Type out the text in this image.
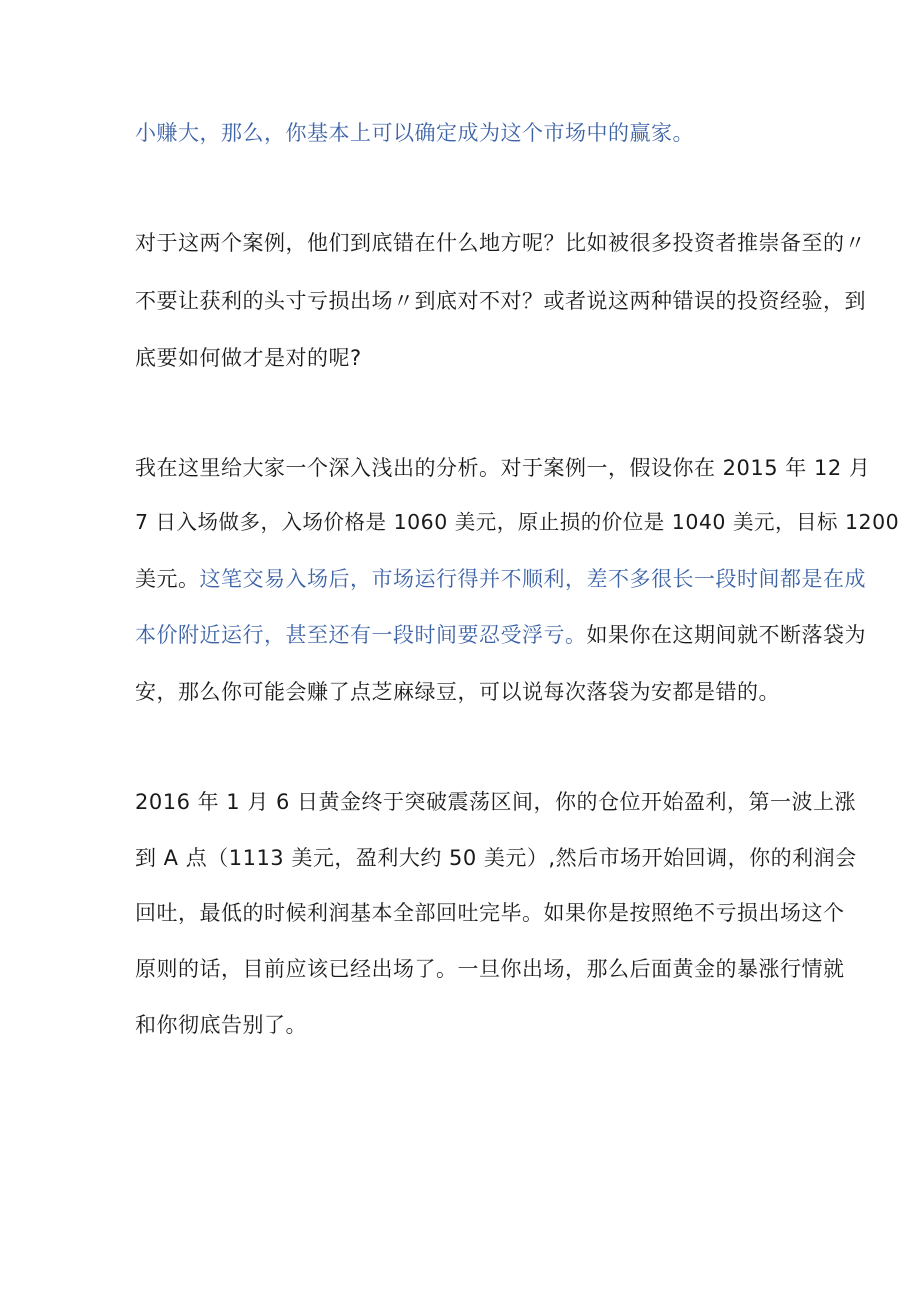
小赚大，那么，你基本上可以确定成为这个市场中的赢家。
对于这两个案例，他们到底错在什么地方呢？比如被很多投资者推崇备至的〃
不要让获利的头寸亏损出场〃到底对不对？或者说这两种错误的投资经验，到
底要如何做才是对的呢?
我在这里给大家一个深入浅出的分析。对于案例一，假设你在 2015 年 12 月
7 日入场做多，入场价格是 1060 美元，原止损的价位是 1040 美元，目标 1200
美元。这笔交易入场后，市场运行得并不顺利，差不多很长一段时间都是在成
本价附近运行，甚至还有一段时间要忍受浮亏。如果你在这期间就不断落袋为
安，那么你可能会赚了点芝麻绿豆，可以说每次落袋为安都是错的。
2016 年 1 月 6 日黄金终于突破震荡区间，你的仓位开始盈利，第一波上涨
到 A 点（1113 美元，盈利大约 50 美元）,然后市场开始回调，你的利润会
回吐，最低的时候利润基本全部回吐完毕。如果你是按照绝不亏损出场这个
原则的话，目前应该已经出场了。一旦你出场，那么后面黄金的暴涨行情就
和你彻底告别了。
